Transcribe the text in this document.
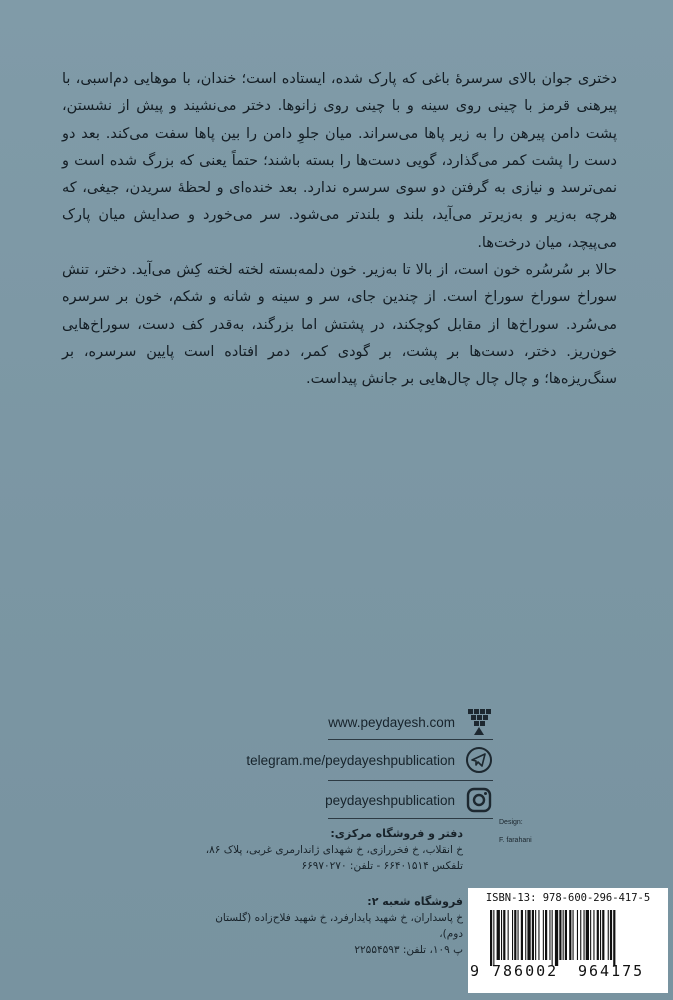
دختری جوان بالای سرسرهٔ باغی که پارک شده، ایستاده است؛ خندان، با موهایی دم‌اسبی، با پیرهنی قرمز با چینی روی سینه و با چینی روی زانوها. دختر می‌نشیند و پیش از نشستن، پشت دامن پیرهن را به زیر پاها می‌سراند. میان جلوِ دامن را بین پاها سفت می‌کند. بعد دو دست را پشت کمر می‌گذارد، گویی دست‌ها را بسته باشند؛ حتماً یعنی که بزرگ شده است و نمی‌ترسد و نیازی به گرفتن دو سوی سرسره ندارد. بعد خنده‌ای و لحظهٔ سریدن، جیغی، که هرچه به‌زیر و به‌زیرتر می‌آید، بلند و بلندتر می‌شود. سر می‌خورد و صدایش میان پارک می‌پیچد، میان درخت‌ها.

حالا بر سُرسُره خون است، از بالا تا به‌زیر. خون دلمه‌بسته لخته لخته کِش می‌آید. دختر، تنش سوراخ سوراخ سوراخ است. از چندین جای، سر و سینه و شانه و شکم، خون بر سرسره می‌سُرد. سوراخ‌ها از مقابل کوچکند، در پشتش اما بزرگند، به‌قدر کف دست، سوراخ‌هایی خون‌ریز. دختر، دست‌ها بر پشت، بر گودی کمر، دمر افتاده است پایین سرسره، بر سنگ‌ریزه‌ها؛ و چال چال چال‌هایی بر جانش پیداست.

www.peydayesh.com
telegram.me/peydayeshpublication
peydayeshpublication
Design:
F. farahani
دفتر و فروشگاه مرکزی:
خ انقلاب، خ فخررازی، خ شهدای ژاندارمری غربی، پلاک ۸۶،
تلفکس ۶۶۴۰۱۵۱۴ - تلفن: ۶۶۹۷۰۲۷۰
فروشگاه شعبه ۲:
خ پاسداران، خ شهید پایدارفرد، خ شهید فلاح‌زاده (گلستان دوم)،
پ ۱۰۹، تلفن: ۲۲۵۵۴۵۹۳
ISBN-13: 978-600-296-417-5
9 786002 964175
